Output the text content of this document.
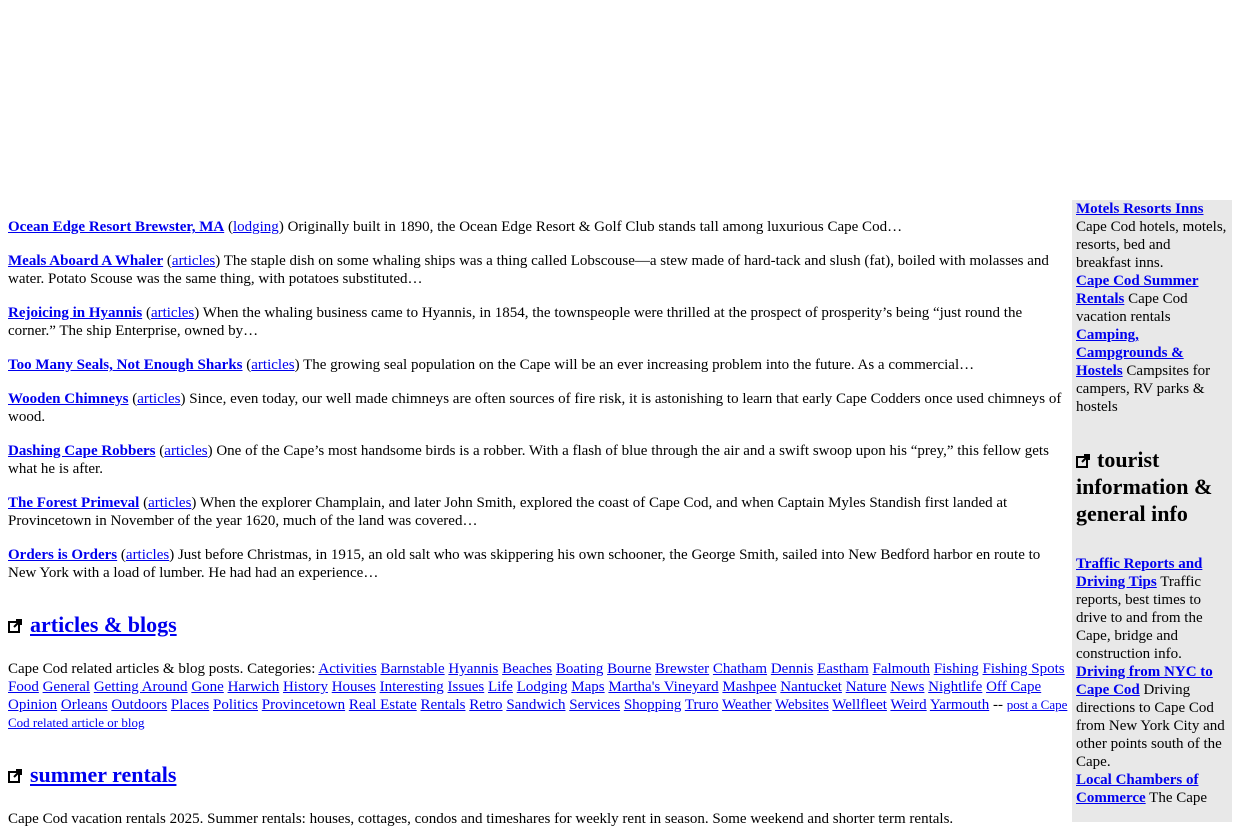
Ocean Edge Resort Brewster, MA (lodging) Originally built in 1890, the Ocean Edge Resort & Golf Club stands tall among luxurious Cape Cod…

Meals Aboard A Whaler (articles) The staple dish on some whaling ships was a thing called Lobscouse—a stew made of hard-tack and slush (fat), boiled with molasses and water. Potato Scouse was the same thing, with potatoes substituted…

Rejoicing in Hyannis (articles) When the whaling business came to Hyannis, in 1854, the townspeople were thrilled at the prospect of prosperity’s being “just round the corner.” The ship Enterprise, owned by…

Too Many Seals, Not Enough Sharks (articles) The growing seal population on the Cape will be an ever increasing problem into the future. As a commercial…

Wooden Chimneys (articles) Since, even today, our well made chimneys are often sources of fire risk, it is astonishing to learn that early Cape Codders once used chimneys of wood.

Dashing Cape Robbers (articles) One of the Cape’s most handsome birds is a robber. With a flash of blue through the air and a swift swoop upon his “prey,” this fellow gets what he is after.

The Forest Primeval (articles) When the explorer Champlain, and later John Smith, explored the coast of Cape Cod, and when Captain Myles Standish first landed at Provincetown in November of the year 1620, much of the land was covered…

Orders is Orders (articles) Just before Christmas, in 1915, an old salt who was skippering his own schooner, the George Smith, sailed into New Bedford harbor en route to New York with a load of lumber. He had had an experience…

articles & blogs

Cape Cod related articles & blog posts. Categories: Activities Barnstable Hyannis Beaches Boating Bourne Brewster Chatham Dennis Eastham Falmouth Fishing Fishing Spots Food General Getting Around Gone Harwich History Houses Interesting Issues Life Lodging Maps Martha's Vineyard Mashpee Nantucket Nature News Nightlife Off Cape Opinion Orleans Outdoors Places Politics Provincetown Real Estate Rentals Retro Sandwich Services Shopping Truro Weather Websites Wellfleet Weird Yarmouth -- post a Cape Cod related article or blog

summer rentals

Cape Cod vacation rentals 2025. Summer rentals: houses, cottages, condos and timeshares for weekly rent in season. Some weekend and shorter term rentals.

Motels Resorts Inns Cape Cod hotels, motels, resorts, bed and breakfast inns.
Cape Cod Summer Rentals Cape Cod vacation rentals
Camping, Campgrounds & Hostels Campsites for campers, RV parks & hostels
tourist information & general info
Traffic Reports and Driving Tips Traffic reports, best times to drive to and from the Cape, bridge and construction info.
Driving from NYC to Cape Cod Driving directions to Cape Cod from New York City and other points south of the Cape.
Local Chambers of Commerce The Cape
